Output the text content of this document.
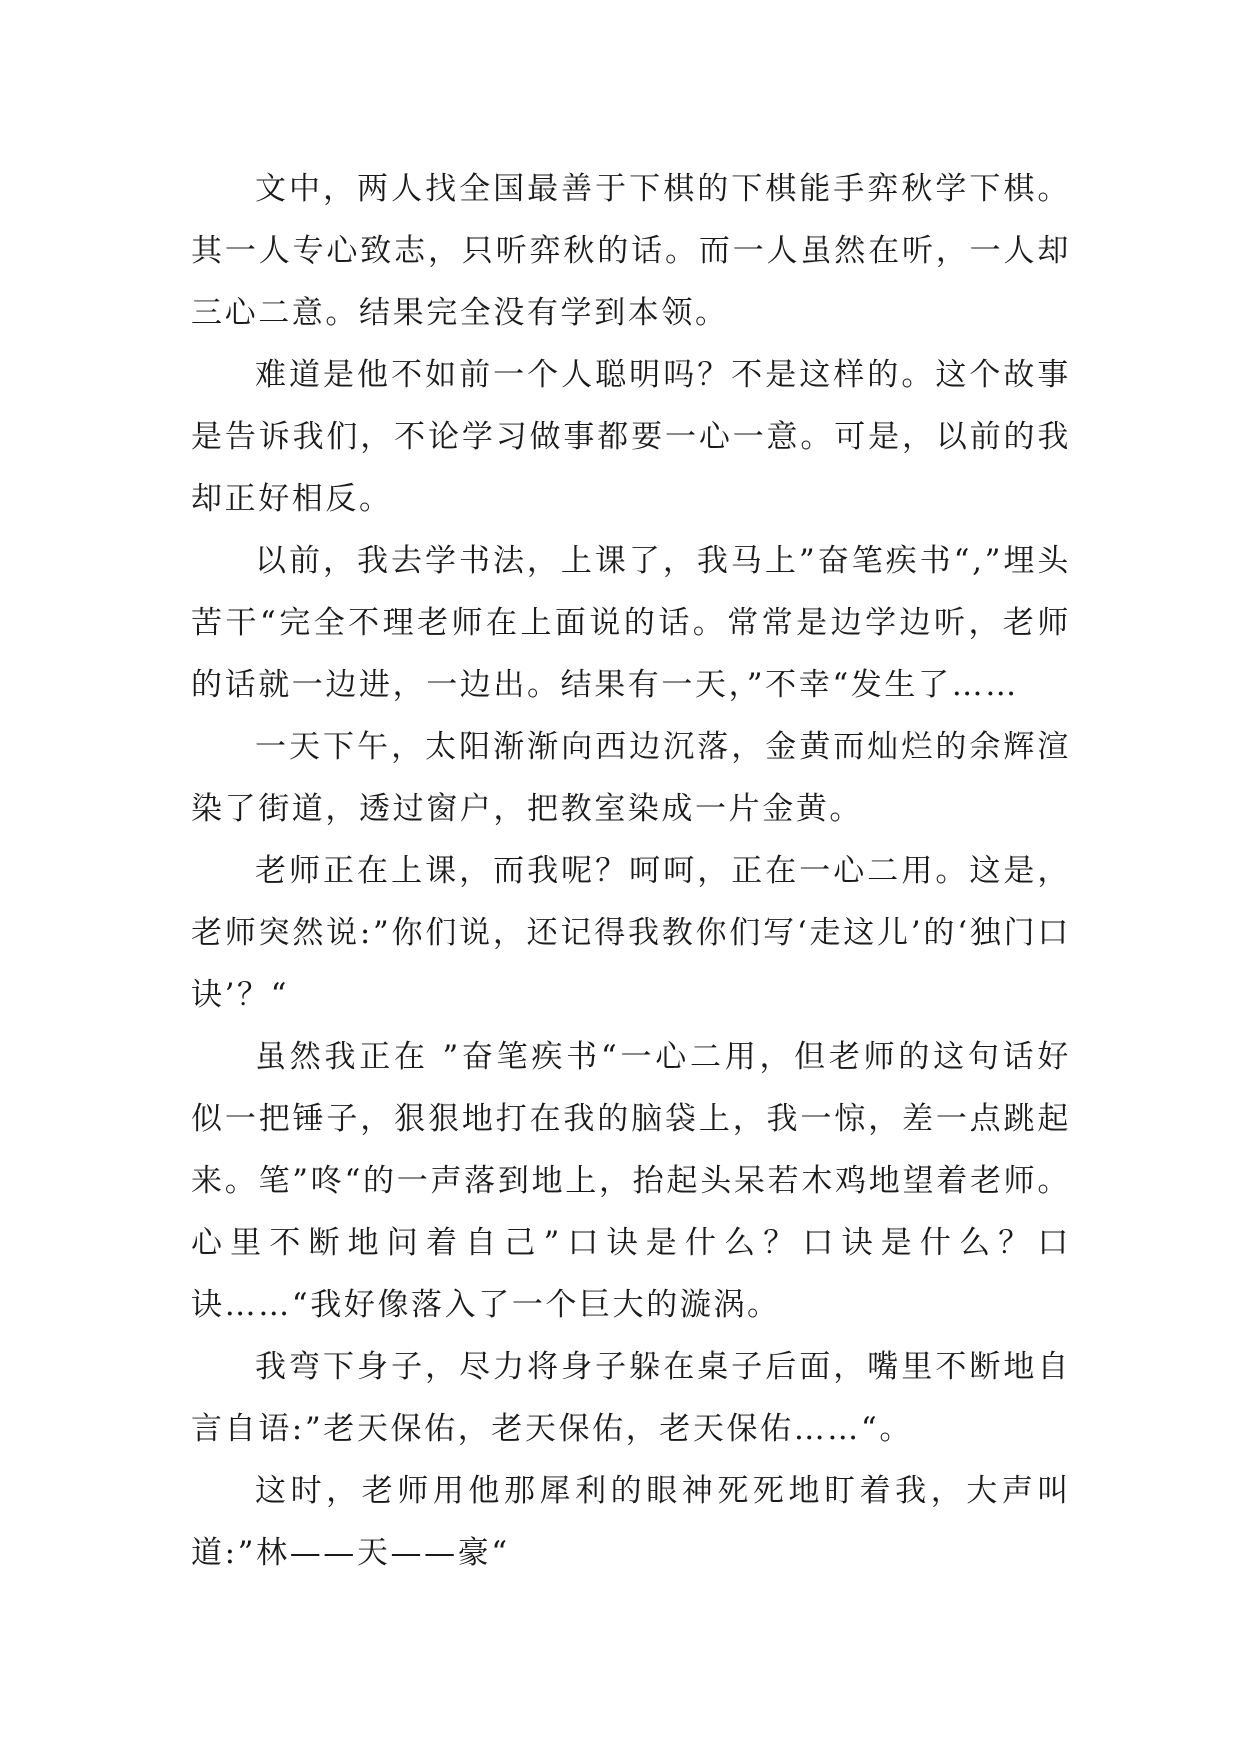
文中，两人找全国最善于下棋的下棋能手弈秋学下棋。其一人专心致志，只听弈秋的话。而一人虽然在听，一人却三心二意。结果完全没有学到本领。

难道是他不如前一个人聪明吗？不是这样的。这个故事是告诉我们，不论学习做事都要一心一意。可是，以前的我却正好相反。

以前，我去学书法，上课了，我马上”奋笔疾书“,”埋头苦干“完全不理老师在上面说的话。常常是边学边听，老师的话就一边进，一边出。结果有一天，”不幸“发生了……

一天下午，太阳渐渐向西边沉落，金黄而灿烂的余辉渲染了街道，透过窗户，把教室染成一片金黄。

老师正在上课，而我呢？呵呵，正在一心二用。这是，老师突然说:”你们说，还记得我教你们写‘走这儿’的‘独门口诀’？“

虽然我正在 ”奋笔疾书“一心二用，但老师的这句话好似一把锤子，狠狠地打在我的脑袋上，我一惊，差一点跳起来。笔”咚“的一声落到地上，抬起头呆若木鸡地望着老师。心里不断地问着自己”口诀是什么？口诀是什么？口诀……“我好像落入了一个巨大的漩涡。

我弯下身子，尽力将身子躲在桌子后面，嘴里不断地自言自语:”老天保佑，老天保佑，老天保佑……“。

这时，老师用他那犀利的眼神死死地盯着我，大声叫道:”林——天——豪“
